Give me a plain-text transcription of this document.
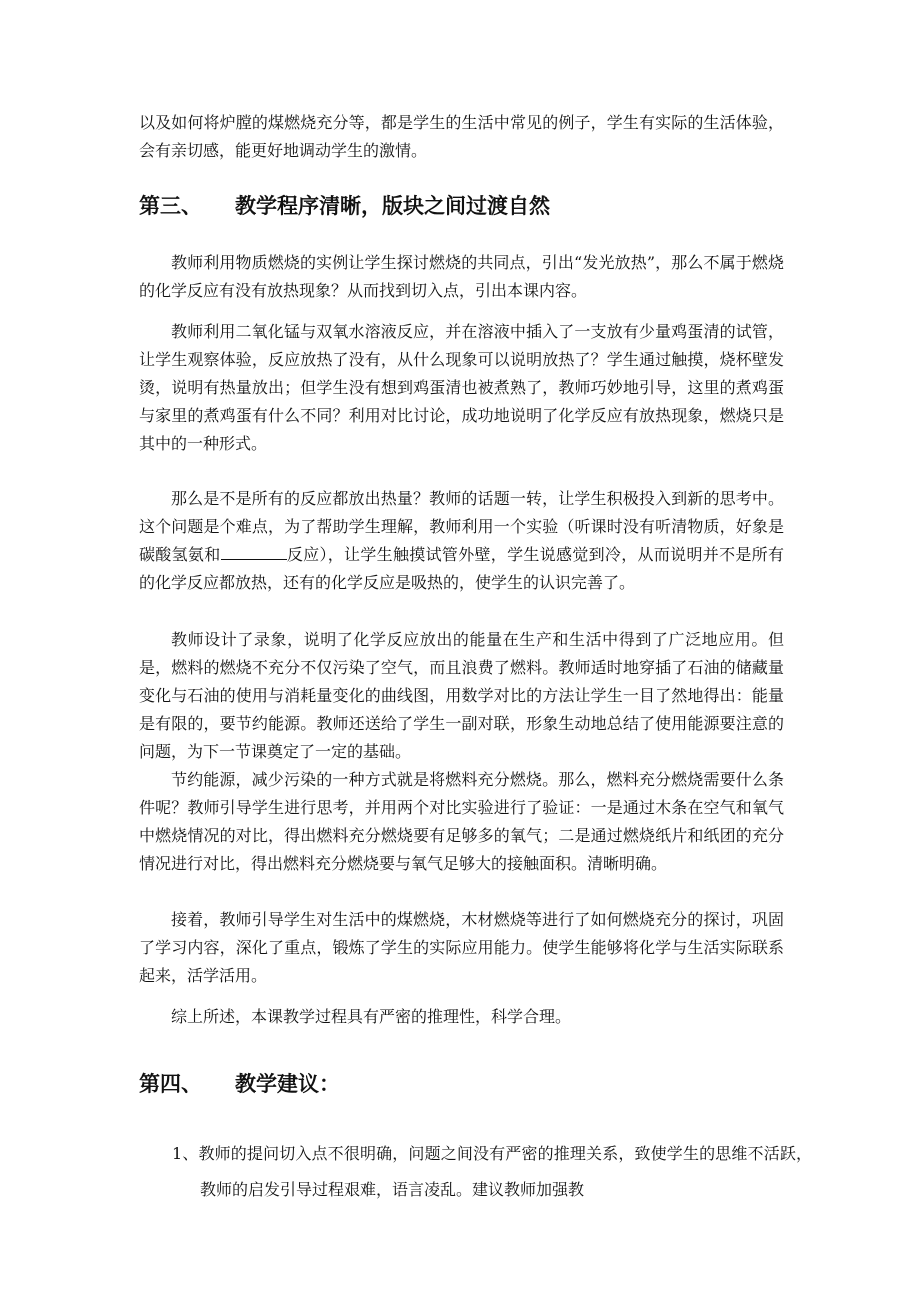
以及如何将炉膛的煤燃烧充分等，都是学生的生活中常见的例子，学生有实际的生活体验，会有亲切感，能更好地调动学生的激情。

第三、 教学程序清晰，版块之间过渡自然

教师利用物质燃烧的实例让学生探讨燃烧的共同点，引出“发光放热”，那么不属于燃烧的化学反应有没有放热现象？从而找到切入点，引出本课内容。

教师利用二氧化锰与双氧水溶液反应，并在溶液中插入了一支放有少量鸡蛋清的试管，让学生观察体验，反应放热了没有，从什么现象可以说明放热了？学生通过触摸，烧杯壁发烫，说明有热量放出；但学生没有想到鸡蛋清也被煮熟了，教师巧妙地引导，这里的煮鸡蛋与家里的煮鸡蛋有什么不同？利用对比讨论，成功地说明了化学反应有放热现象，燃烧只是其中的一种形式。

那么是不是所有的反应都放出热量？教师的话题一转，让学生积极投入到新的思考中。这个问题是个难点，为了帮助学生理解，教师利用一个实验（听课时没有听清物质，好象是碳酸氢氨和	反应），让学生触摸试管外壁，学生说感觉到冷，从而说明并不是所有的化学反应都放热，还有的化学反应是吸热的，使学生的认识完善了。

教师设计了录象，说明了化学反应放出的能量在生产和生活中得到了广泛地应用。但是，燃料的燃烧不充分不仅污染了空气，而且浪费了燃料。教师适时地穿插了石油的储藏量变化与石油的使用与消耗量变化的曲线图，用数学对比的方法让学生一目了然地得出：能量是有限的，要节约能源。教师还送给了学生一副对联，形象生动地总结了使用能源要注意的问题，为下一节课奠定了一定的基础。

节约能源，减少污染的一种方式就是将燃料充分燃烧。那么，燃料充分燃烧需要什么条件呢？教师引导学生进行思考，并用两个对比实验进行了验证：一是通过木条在空气和氧气中燃烧情况的对比，得出燃料充分燃烧要有足够多的氧气；二是通过燃烧纸片和纸团的充分情况进行对比，得出燃料充分燃烧要与氧气足够大的接触面积。清晰明确。

接着，教师引导学生对生活中的煤燃烧，木材燃烧等进行了如何燃烧充分的探讨，巩固了学习内容，深化了重点，锻炼了学生的实际应用能力。使学生能够将化学与生活实际联系起来，活学活用。

综上所述，本课教学过程具有严密的推理性，科学合理。

第四、 教学建议：

1、教师的提问切入点不很明确，问题之间没有严密的推理关系，致使学生的思维不活跃，教师的启发引导过程艰难，语言凌乱。建议教师加强教
